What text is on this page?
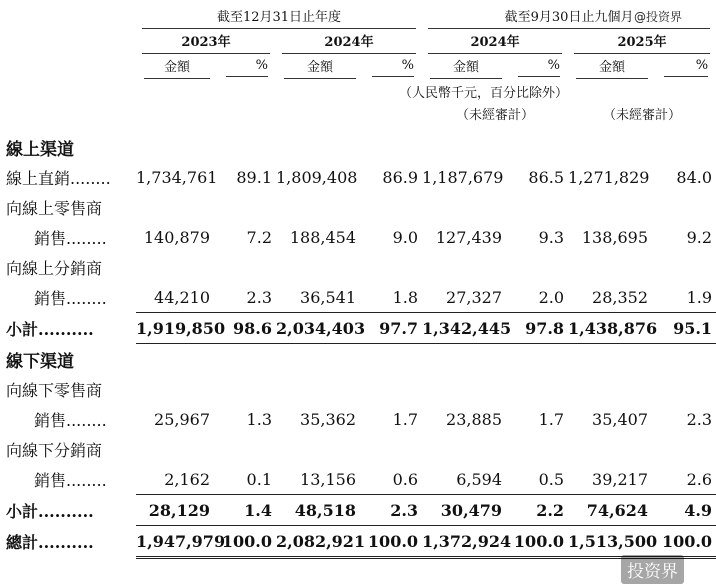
@投资界

	截至12月31日止年度				截至9月30日止九個月			

	2023年		2024年		2024年		2025年	

	金額	%	金額	%	金額	%	金額	%

			（人民幣千元，百分比除外）					
					（未經審計）		（未經審計）	

線上渠道								
線上直銷........	1,734,761	89.1	1,809,408	86.9	1,187,679	86.5	1,271,829	84.0
向線上零售商								
銷售........	140,879	7.2	188,454	9.0	127,439	9.3	138,695	9.2
向線上分銷商								
銷售........	44,210	2.3	36,541	1.8	27,327	2.0	28,352	1.9
小計..........	1,919,850	98.6	2,034,403	97.7	1,342,445	97.8	1,438,876	95.1
線下渠道								
向線下零售商								
銷售........	25,967	1.3	35,362	1.7	23,885	1.7	35,407	2.3
向線下分銷商								
銷售........	2,162	0.1	13,156	0.6	6,594	0.5	39,217	2.6
小計..........	28,129	1.4	48,518	2.3	30,479	2.2	74,624	4.9
總計..........	1,947,979	100.0	2,082,921	100.0	1,372,924	100.0	1,513,500	100.0
投资界
